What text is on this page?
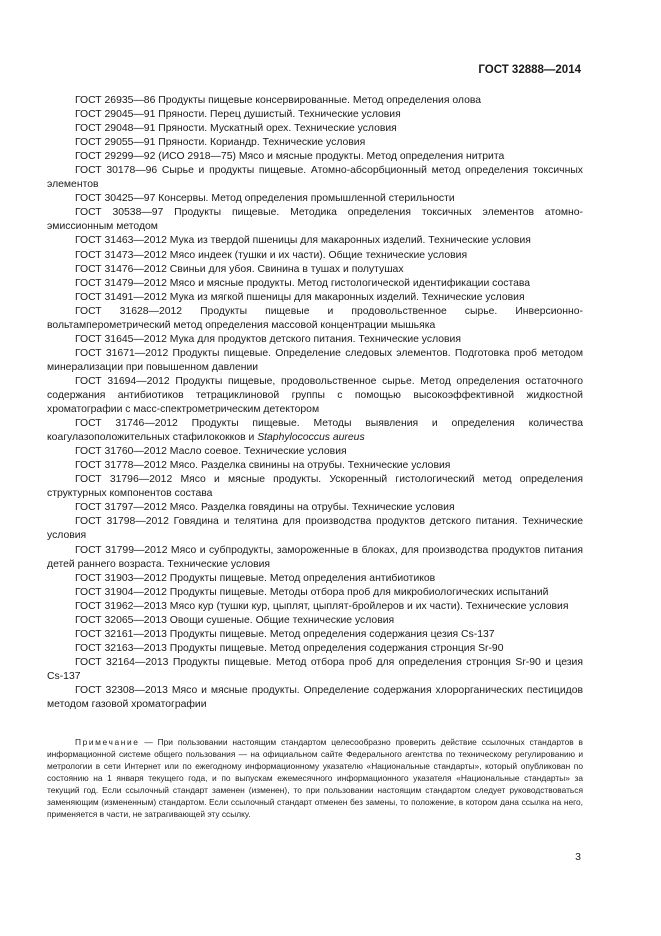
ГОСТ 32888—2014

ГОСТ 26935—86 Продукты пищевые консервированные. Метод определения олова

ГОСТ 29045—91 Пряности. Перец душистый. Технические условия

ГОСТ 29048—91 Пряности. Мускатный орех. Технические условия

ГОСТ 29055—91 Пряности. Кориандр. Технические условия

ГОСТ 29299—92 (ИСО 2918—75) Мясо и мясные продукты. Метод определения нитрита

ГОСТ 30178—96 Сырье и продукты пищевые. Атомно-абсорбционный метод определения токсичных элементов

ГОСТ 30425—97 Консервы. Метод определения промышленной стерильности

ГОСТ 30538—97 Продукты пищевые. Методика определения токсичных элементов атомно-эмиссионным методом

ГОСТ 31463—2012 Мука из твердой пшеницы для макаронных изделий. Технические условия

ГОСТ 31473—2012 Мясо индеек (тушки и их части). Общие технические условия

ГОСТ 31476—2012 Свиньи для убоя. Свинина в тушах и полутушах

ГОСТ 31479—2012 Мясо и мясные продукты. Метод гистологической идентификации состава

ГОСТ 31491—2012 Мука из мягкой пшеницы для макаронных изделий. Технические условия

ГОСТ 31628—2012 Продукты пищевые и продовольственное сырье. Инверсионно-вольтамперометрический метод определения массовой концентрации мышьяка

ГОСТ 31645—2012 Мука для продуктов детского питания. Технические условия

ГОСТ 31671—2012 Продукты пищевые. Определение следовых элементов. Подготовка проб методом минерализации при повышенном давлении

ГОСТ 31694—2012 Продукты пищевые, продовольственное сырье. Метод определения остаточного содержания антибиотиков тетрациклиновой группы с помощью высокоэффективной жидкостной хроматографии с масс-спектрометрическим детектором

ГОСТ 31746—2012 Продукты пищевые. Методы выявления и определения количества коагулазоположительных стафилококков и Staphylococcus aureus

ГОСТ 31760—2012 Масло соевое. Технические условия

ГОСТ 31778—2012 Мясо. Разделка свинины на отрубы. Технические условия

ГОСТ 31796—2012 Мясо и мясные продукты. Ускоренный гистологический метод определения структурных компонентов состава

ГОСТ 31797—2012 Мясо. Разделка говядины на отрубы. Технические условия

ГОСТ 31798—2012 Говядина и телятина для производства продуктов детского питания. Технические условия

ГОСТ 31799—2012 Мясо и субпродукты, замороженные в блоках, для производства продуктов питания детей раннего возраста. Технические условия

ГОСТ 31903—2012 Продукты пищевые. Метод определения антибиотиков

ГОСТ 31904—2012 Продукты пищевые. Методы отбора проб для микробиологических испытаний

ГОСТ 31962—2013 Мясо кур (тушки кур, цыплят, цыплят-бройлеров и их части). Технические условия

ГОСТ 32065—2013 Овощи сушеные. Общие технические условия

ГОСТ 32161—2013 Продукты пищевые. Метод определения содержания цезия Cs-137

ГОСТ 32163—2013 Продукты пищевые. Метод определения содержания стронция Sr-90

ГОСТ 32164—2013 Продукты пищевые. Метод отбора проб для определения стронция Sr-90 и цезия Cs-137

ГОСТ 32308—2013 Мясо и мясные продукты. Определение содержания хлорорганических пестицидов методом газовой хроматографии

Примечание — При пользовании настоящим стандартом целесообразно проверить действие ссылочных стандартов в информационной системе общего пользования — на официальном сайте Федерального агентства по техническому регулированию и метрологии в сети Интернет или по ежегодному информационному указателю «Национальные стандарты», который опубликован по состоянию на 1 января текущего года, и по выпускам ежемесячного информационного указателя «Национальные стандарты» за текущий год. Если ссылочный стандарт заменен (изменен), то при пользовании настоящим стандартом следует руководствоваться заменяющим (измененным) стандартом. Если ссылочный стандарт отменен без замены, то положение, в котором дана ссылка на него, применяется в части, не затрагивающей эту ссылку.

3
